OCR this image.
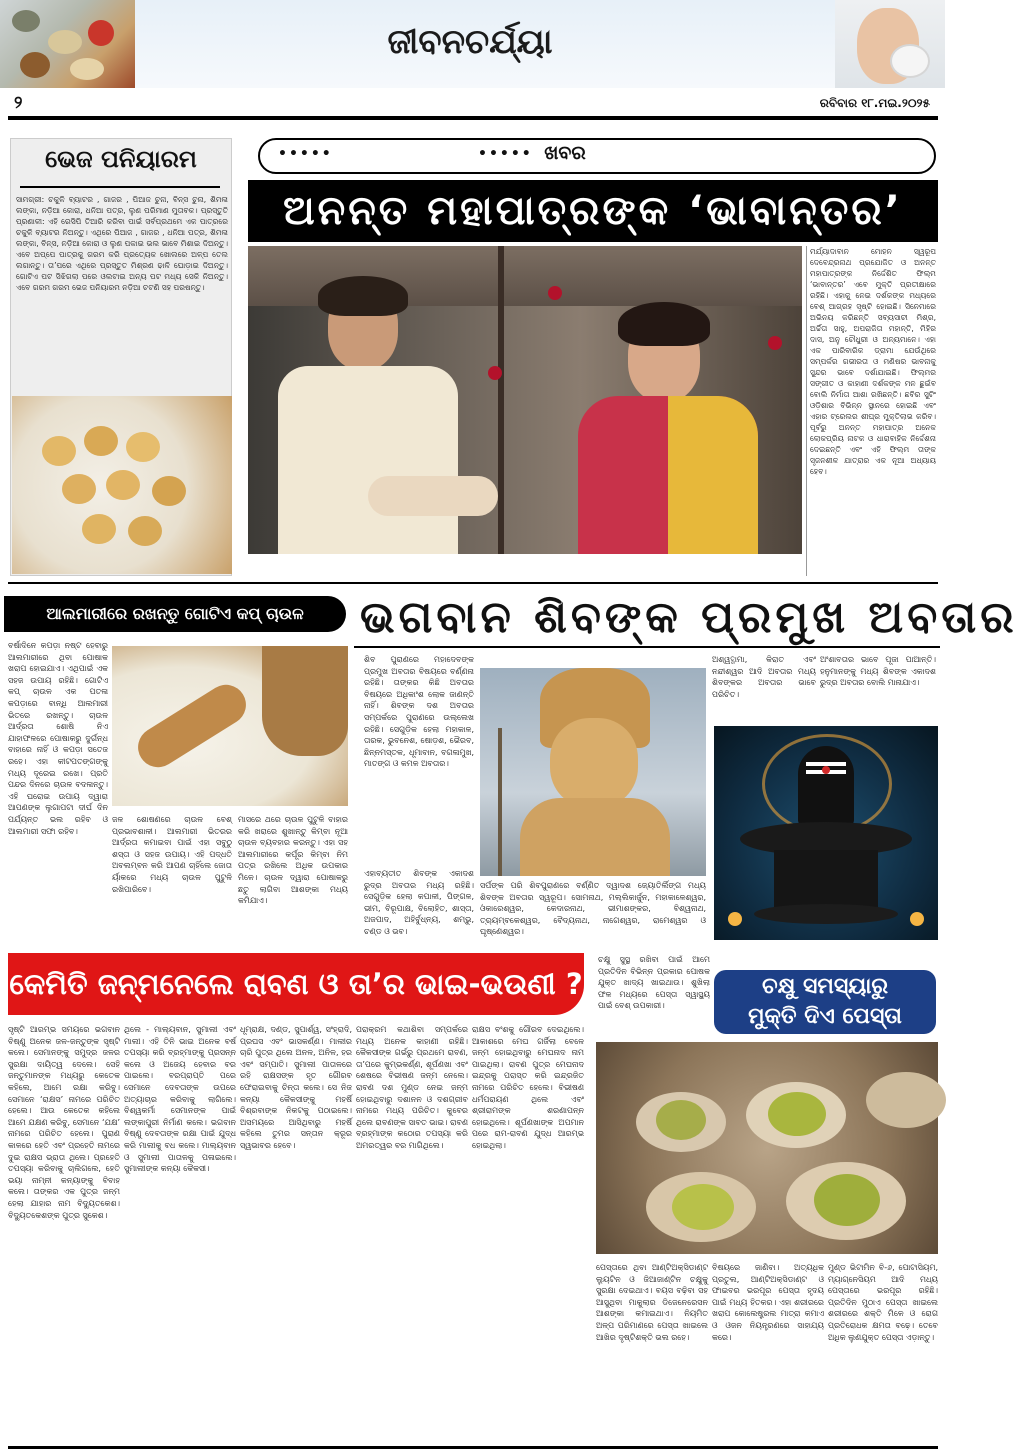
ଜୀବନଚର୍ଯ୍ୟା
୨	ରବିବାର ୧୮.ମଇ.୨୦୨୫
ଭେଜ ପନିୟାରମ
ସାମଗ୍ରୀ: ଚକୁଳି ବ୍ୟାଟର , ଗାଜର , ପିଆଜ ଚୁନା, ବିନ୍ସ ଚୁନା, ଶିମଳା ଲଙ୍କା, ନଡ଼ିଆ କୋରା, ଧନିଆ ପତ୍ର, ଲୁଣ ପରିମାଣ ମୁତାବକ। ପ୍ରସ୍ତୁତି ପ୍ରଣାଳୀ: ଏହି ରେସିପି ତିଆରି କରିବା ପାଇଁ ସର୍ବପ୍ରଥମେ ଏକ ପାତ୍ରରେ ଚକୁଳି ବ୍ୟାଟର ନିଅନ୍ତୁ। ଏଥିରେ ପିଆଜ , ଗାଜର , ଧନିଆ ପତ୍ର, ଶିମଳା ଲଙ୍କା, ବିନ୍ସ, ନଡ଼ିଆ କୋରା ଓ ଲୁଣ ପକାଇ ଭଲ ଭାବେ ମିଶାଇ ଦିଅନ୍ତୁ। ଏବେ ଅପ୍ପେ ପାତ୍ରକୁ ଗରମ କରି ପ୍ରତ୍ୟେକ ଖୋଲରେ ଅଳ୍ପ ତେଲ ଲଗାନ୍ତୁ। ତା’ପରେ ଏଥିରେ ପ୍ରସ୍ତୁତ ମିଶ୍ରଣ ଢାଳି ଘୋଡ଼ାଇ ଦିଅନ୍ତୁ। ଗୋଟିଏ ପଟ ସିଝିଗଲା ପରେ ଓଲଟାଇ ଅନ୍ୟ ପଟ ମଧ୍ୟ ସେକି ନିଅନ୍ତୁ। ଏବେ ଗରମ ଗରମ ଭେଜ ପନିୟାରମ ନଡ଼ିଆ ଚଟଣି ସହ ପରଷନ୍ତୁ।
•••••	ଖବର
•••••
ଅନନ୍ତ ମହାପାତ୍ରଙ୍କ ‘ଭାବାନ୍ତର’
ମର୍ଯ୍ୟାଦାବାନ ମୋହନ ସ୍ୱରୂପ ଦେବେନ୍ଦ୍ରନାଥ ପ୍ରଯୋଜିତ ଓ ଅନନ୍ତ ମହାପାତ୍ରଙ୍କ ନିର୍ଦ୍ଦେଶିତ ଫିଲ୍ମ ‘ଭାବାନ୍ତର’ ଏବେ ମୁକ୍ତି ପ୍ରତୀକ୍ଷାରେ ରହିଛି। ଏହାକୁ ନେଇ ଦର୍ଶକଙ୍କ ମଧ୍ୟରେ ବେଶ୍ ଆଗ୍ରହ ସୃଷ୍ଟି ହୋଇଛି। ସିନେମାରେ ଅଭିନୟ କରିଛନ୍ତି ସବ୍ୟସାଚୀ ମିଶ୍ର, ଅର୍ଚ୍ଚିତା ସାହୁ, ଅପରାଜିତା ମହାନ୍ତି, ମିହିର ଦାସ, ଅନୁ ଚୌଧୁରୀ ଓ ଅନ୍ୟମାନେ। ଏହା ଏକ ପାରିବାରିକ ଡ୍ରାମା ଯେଉଁଥିରେ ସମ୍ପର୍କର ଗଭୀରତା ଓ ମଣିଷର ଭାବନାକୁ ସୁନ୍ଦର ଭାବେ ଦର୍ଶାଯାଇଛି। ଫିଲ୍ମର ସଙ୍ଗୀତ ଓ କାହାଣୀ ଦର୍ଶକଙ୍କ ମନ ଛୁଇଁବ ବୋଲି ନିର୍ମାତା ଆଶା ରଖିଛନ୍ତି। ଛବିର ସୁଟିଂ ଓଡ଼ିଶାର ବିଭିନ୍ନ ସ୍ଥାନରେ ହୋଇଛି ଏବଂ ଏହାର ଟ୍ରେଲର ଶୀଘ୍ର ମୁକ୍ତିଲାଭ କରିବ। ପୂର୍ବରୁ ଅନନ୍ତ ମହାପାତ୍ର ଅନେକ ଲୋକପ୍ରିୟ ନାଟକ ଓ ଧାରାବାହିକ ନିର୍ଦ୍ଦେଶନା ଦେଇଛନ୍ତି ଏବଂ ଏହି ଫିଲ୍ମ ତାଙ୍କ ସୃଜନଶୀଳ ଯାତ୍ରାର ଏକ ନୂଆ ଅଧ୍ୟାୟ ହେବ।
ଆଲମାରୀରେ ରଖନ୍ତୁ ଗୋଟିଏ କପ୍ ଚାଉଳ
ବର୍ଷାଦିନେ କପଡ଼ା ନଷ୍ଟ ହେବାରୁ ଆଲମାରୀରେ ଥିବା ପୋଷାକ ଖରାପ ହୋଇଯାଏ। ଏଥିପାଇଁ ଏକ ସହଜ ଉପାୟ ରହିଛି। ଗୋଟିଏ କପ୍ ଚାଉଳ ଏକ ପତଳା କପଡ଼ାରେ ବାନ୍ଧି ଆଲମାରୀ ଭିତରେ ରଖନ୍ତୁ। ଚାଉଳ ଆର୍ଦ୍ରତା ଶୋଷି ନିଏ ଯାହାଫଳରେ ପୋଷାକରୁ ଦୁର୍ଗନ୍ଧ ବାହାରେ ନାହିଁ ଓ କପଡ଼ା ସତେଜ ରହେ। ଏହା କୀଟପତଙ୍ଗଙ୍କୁ ମଧ୍ୟ ଦୂରେଇ ରଖେ। ପ୍ରତି ପନ୍ଦର ଦିନରେ ଚାଉଳ ବଦଳାନ୍ତୁ। ଏହି ଘରୋଇ ଉପାୟ ଦ୍ୱାରା ଆପଣଙ୍କ ଲୁଗାପଟା ଦୀର୍ଘ ଦିନ ପର୍ଯ୍ୟନ୍ତ ଭଲ ରହିବ ଓ ଆଲମାରୀ ସଫା ରହିବ।
ଜଳ ଶୋଷଣରେ ଚାଉଳ ବେଶ୍ ପ୍ରଭାବଶାଳୀ। ଆଲମାରୀ ଭିତରର ଆର୍ଦ୍ରତା କମାଇବା ପାଇଁ ଏହା ସବୁଠୁ ଶସ୍ତା ଓ ସହଜ ଉପାୟ। ଏହି ପଦ୍ଧତି ଅବଲମ୍ବନ କରି ଆପଣ ଚାହିଁଲେ ଜୋତା ର୍ୟାକରେ ମଧ୍ୟ ଚାଉଳ ପୁଟୁଳି ରଖିପାରିବେ।
ମାସରେ ଥରେ ଚାଉଳ ପୁଟୁଳି ବାହାର କରି ଖରାରେ ଶୁଖାନ୍ତୁ କିମ୍ବା ନୂଆ ଚାଉଳ ବ୍ୟବହାର କରନ୍ତୁ। ଏହା ସହ ଆଲମାରୀରେ କର୍ପୂର କିମ୍ବା ନିମ ପତ୍ର ରଖିଲେ ଅଧିକ ଉପକାର ମିଳେ। ଚାଉଳ ଦ୍ୱାରା ପୋଷାକରୁ ଛତୁ ଲାଗିବା ଆଶଙ୍କା ମଧ୍ୟ କମିଯାଏ।
ଭଗବାନ ଶିବଙ୍କ ପ୍ରମୁଖ ଅବତାର
ଶିବ ପୁରାଣରେ ମହାଦେବଙ୍କ ପ୍ରମୁଖ ଅବତାର ବିଷୟରେ ବର୍ଣ୍ଣନା ରହିଛି। ତାଙ୍କର କିଛି ଅବତାର ବିଷୟରେ ଅଧିକାଂଶ ଲୋକ ଜାଣନ୍ତି ନାହିଁ। ଶିବଙ୍କ ଦଶ ଅବତାର ସମ୍ପର୍କରେ ପୁରାଣରେ ଉଲ୍ଲେଖ ରହିଛି। ସେଗୁଡ଼ିକ ହେଲା ମହାକାଳ, ତାରକ, ଭୁବନେଶ, ଷୋଡ଼ଶ, ଭୈରବ, ଛିନ୍ନମସ୍ତକ, ଧୂମାବାନ, ବଗଳାମୁଖ, ମାତଙ୍ଗ ଓ କମଳ ଅବତାର।
ଏହାବ୍ୟତୀତ ଶିବଙ୍କ ଏକାଦଶ ରୁଦ୍ର ଅବତାର ମଧ୍ୟ ରହିଛି। ସେଗୁଡ଼ିକ ହେଲା କପାଳୀ, ପିଙ୍ଗଳ, ଭୀମ, ବିରୂପାକ୍ଷ, ବିଲୋହିତ, ଶାସ୍ତା, ଅଜପାଦ, ଅହିର୍ବୁଧ୍ନ୍ୟ, ଶମ୍ଭୁ, ଚଣ୍ଡ ଓ ଭବ।
ସର୍ପଙ୍କ ପରି ଶିବପୁରାଣରେ ବର୍ଣ୍ଣିତ ଦ୍ୱାଦଶ ଜ୍ୟୋତିର୍ଲିଙ୍ଗ ମଧ୍ୟ ଶିବଙ୍କ ଅବତାର ସ୍ୱରୂପ। ସୋମନାଥ, ମଲ୍ଲିକାର୍ଜୁନ, ମହାକାଳେଶ୍ୱର, ଓଁକାରେଶ୍ୱର, କେଦାରନାଥ, ଭୀମାଶଙ୍କର, ବିଶ୍ୱନାଥ, ତ୍ର୍ୟମ୍ବକେଶ୍ୱର, ବୈଦ୍ୟନାଥ, ନାଗେଶ୍ୱର, ରାମେଶ୍ୱର ଓ ଘୃଷ୍ଣେଶ୍ୱର।
ଅଶ୍ୱତ୍ଥାମା, କିରାତ ଏବଂ ନନ୍ଦୀଶ୍ୱର ଆଦି ଅବତାର ମଧ୍ୟ ଶିବଙ୍କର ଅବତାର ଭାବେ ପରିଚିତ।
ଅଂଶାବତାର ଭାବେ ପୂଜା ପାଆନ୍ତି। ହନୁମାନଙ୍କୁ ମଧ୍ୟ ଶିବଙ୍କ ଏକାଦଶ ରୁଦ୍ର ଅବତାର ବୋଲି ମାନାଯାଏ।
କେମିତି ଜନ୍ମନେଲେ ରାବଣ ଓ ତା’ର ଭାଇ-ଭଉଣୀ ?
ସୃଷ୍ଟି ଆରମ୍ଭ ସମୟରେ ଭଗବାନ ବିଷ୍ଣୁ ଅନେକ ଜଳ-ଜନ୍ତୁଙ୍କ ସୃଷ୍ଟି କଲେ। ସେମାନଙ୍କୁ ସମୁଦ୍ର ଜଳର ସୁରକ୍ଷା ଦାୟିତ୍ୱ ଦେଲେ। ସେହି ଜନ୍ତୁମାନଙ୍କ ମଧ୍ୟରୁ କେତେକ କହିଲେ, ଆମେ ରକ୍ଷା କରିବୁ। ସେମାନେ ‘ରାକ୍ଷସ’ ନାମରେ ପରିଚିତ ହେଲେ। ଆଉ କେତେକ କହିଲେ ଆମେ ଯକ୍ଷଣ କରିବୁ, ସେମାନେ ‘ଯକ୍ଷ’ ନାମରେ ପରିଚିତ ହେଲେ। ପୁରାଣ କାଳରେ ହେତି ଏବଂ ପ୍ରହେତି ନାମରେ ଦୁଇ ରାକ୍ଷସ ଭ୍ରାତା ଥିଲେ। ପ୍ରହେତି ତପସ୍ୟା କରିବାକୁ ଚାଲିଗଲେ, ହେତି ଭୟା ନାମ୍ନୀ କନ୍ୟାଙ୍କୁ ବିବାହ କଲେ। ତାଙ୍କର ଏକ ପୁତ୍ର ଜନ୍ମ ହେଲା ଯାହାର ନାମ ବିଦ୍ୟୁତକେଶ। ବିଦ୍ୟୁତକେଶଙ୍କ ପୁତ୍ର ସୁକେଶ।
ଥିଲେ - ମାଲ୍ୟବାନ, ସୁମାଲୀ ଏବଂ ମାଲୀ। ଏହି ତିନି ଭାଇ ଅନେକ ବର୍ଷ ତପସ୍ୟା କରି ବ୍ରହ୍ମାଙ୍କୁ ପ୍ରସନ୍ନ କଲେ ଓ ଅଜେୟ ହେବାର ବର ପାଇଲେ। ବରପ୍ରାପ୍ତି ପରେ ସେମାନେ ଦେବତାଙ୍କ ଉପରେ ଅତ୍ୟାଚାର କରିବାକୁ ଲାଗିଲେ। ବିଶ୍ୱକର୍ମା ସେମାନଙ୍କ ପାଇଁ ଲଙ୍କାପୁରୀ ନିର୍ମାଣ କଲେ। ଭଗବାନ ବିଷ୍ଣୁ ଦେବତାଙ୍କ ରକ୍ଷା ପାଇଁ ଯୁଦ୍ଧ କରି ମାଲୀକୁ ବଧ କଲେ। ମାଲ୍ୟବାନ ଓ ସୁମାଲୀ ପାତାଳକୁ ପଳାଇଲେ। ସୁମାଲୀଙ୍କ କନ୍ୟା କୈକସୀ।
ଧୂମ୍ରାକ୍ଷ, ଦଣ୍ଡ, ସୁପାର୍ଶ୍ୱ, ସଂହ୍ରାଦି, ପ୍ରଘସ ଏବଂ ଭାସକର୍ଣ୍ଣ। ମାଲୀର ଚାରି ପୁତ୍ର ଥିଲେ ଅନଳ, ଅନିଳ, ହର ଏବଂ ସମ୍ପାତି। ସୁମାଲୀ ପାତାଳରେ ରହି ରାକ୍ଷସଙ୍କ ହୃତ ଗୌରବ ଫେରାଇବାକୁ ଚିନ୍ତା କଲେ। ସେ ନିଜ କନ୍ୟା କୈକସୀଙ୍କୁ ମହର୍ଷି ବିଶ୍ରବାଙ୍କ ନିକଟକୁ ପଠାଇଲେ। ଅସମୟରେ ଆସିଥିବାରୁ ମହର୍ଷି କହିଲେ ତୁମର ସନ୍ତାନ କ୍ରୂର ସ୍ୱଭାବର ହେବେ।
ପରାକ୍ରମ କଥାଶିବା ସମ୍ପର୍କରେ ମଧ୍ୟ ଅନେକ କାହାଣୀ ରହିଛି। କୈକସୀଙ୍କ ଗର୍ଭରୁ ପ୍ରଥମେ ରାବଣ, ତା’ପରେ କୁମ୍ଭକର୍ଣ୍ଣ, ଶୂର୍ପଣଖା ଏବଂ ଶେଷରେ ବିଭୀଷଣ ଜନ୍ମ ନେଲେ। ରାବଣ ଦଶ ମୁଣ୍ଡ ନେଇ ଜନ୍ମ ହୋଇଥିବାରୁ ଦଶାନନ ଓ ଦଶଗ୍ରୀବ ନାମରେ ମଧ୍ୟ ପରିଚିତ। କୁବେର ଥିଲେ ରାବଣଙ୍କ ସାବତ ଭାଇ। ରାବଣ ବ୍ରହ୍ମାଙ୍କ କଠୋର ତପସ୍ୟା କରି ଅମରତ୍ୱର ବର ମାଗିଥିଲେ।
ରାକ୍ଷସ ବଂଶକୁ ଗୌରବ ଦେଇଥିଲେ। ଆକାଶରେ ମେଘ ଗର୍ଜିଲା ବେଳେ ଜନ୍ମ ହୋଇଥିବାରୁ ମେଘନାଦ ନାମ ପାଇଥିଲା। ରାବଣ ପୁତ୍ର ମେଘନାଦ ଇନ୍ଦ୍ରକୁ ପରାସ୍ତ କରି ଇନ୍ଦ୍ରଜିତ ନାମରେ ପରିଚିତ ହେଲେ। ବିଭୀଷଣ ଧର୍ମପରାୟଣ ଥିଲେ ଏବଂ ଶ୍ରୀରାମଙ୍କ ଶରଣାପନ୍ନ ହୋଇଥିଲେ। ଶୂର୍ପଣଖାଙ୍କ ଅପମାନ ପରେ ରାମ-ରାବଣ ଯୁଦ୍ଧ ଆରମ୍ଭ ହୋଇଥିଲା।
ଚକ୍ଷୁ ସୁସ୍ଥ ରଖିବା ପାଇଁ ଆମେ ପ୍ରତିଦିନ ବିଭିନ୍ନ ପ୍ରକାର ପୋଷକ ଯୁକ୍ତ ଖାଦ୍ୟ ଖାଇଥାଉ। ଶୁଖିଲା ଫଳ ମଧ୍ୟରେ ପେସ୍ତା ସ୍ୱାସ୍ଥ୍ୟ ପାଇଁ ବେଶ୍ ଉପକାରୀ।
ଚକ୍ଷୁ ସମସ୍ୟାରୁ
ମୁକ୍ତି ଦିଏ ପେସ୍ତା
ପେସ୍ତାରେ ଥିବା ଆଣ୍ଟିଅକ୍ସିଡାଣ୍ଟ ଲ୍ୟୁଟିନ ଓ ଜିଆଜାଣ୍ଟିନ ଚକ୍ଷୁକୁ ସୁରକ୍ଷା ଦେଇଥାଏ। ବୟସ ବଢ଼ିବା ସହ ଆସୁଥିବା ମାକୁଲାର ଡିଜେନେରେସନ ଆଶଙ୍କା କମାଇଥାଏ। ନିୟମିତ ଅଳ୍ପ ପରିମାଣରେ ପେସ୍ତା ଖାଇଲେ ଆଖିର ଦୃଷ୍ଟିଶକ୍ତି ଭଲ ରହେ।
ବିଷୟରେ ଜାଣିବା। ଅତ୍ୟଧିକ ପ୍ରତୁଲ, ଆଣ୍ଟିଅକ୍ସିଡାଣ୍ଟ ଓ ଫାଇବର ଭରପୂର ପେସ୍ତା ହୃଦୟ ପାଇଁ ମଧ୍ୟ ହିତକର। ଏହା ଶରୀରରେ ଖରାପ କୋଲେଷ୍ଟ୍ରଲ ମାତ୍ରା କମାଏ ଓ ଓଜନ ନିୟନ୍ତ୍ରଣରେ ସାହାଯ୍ୟ କରେ।
ମୁଣ୍ଡ ଭିଟାମିନ ବି-୬, ପୋଟାସିୟମ, ମ୍ୟାଗ୍ନେସିୟମ ଆଦି ମଧ୍ୟ ପେସ୍ତାରେ ଭରପୂର ରହିଛି। ପ୍ରତିଦିନ ମୁଠାଏ ପେସ୍ତା ଖାଇଲେ ଶରୀରରେ ଶକ୍ତି ମିଳେ ଓ ରୋଗ ପ୍ରତିରୋଧକ କ୍ଷମତା ବଢ଼େ। ତେବେ ଅଧିକ ଲୁଣଯୁକ୍ତ ପେସ୍ତା ଏଡ଼ାନ୍ତୁ।
